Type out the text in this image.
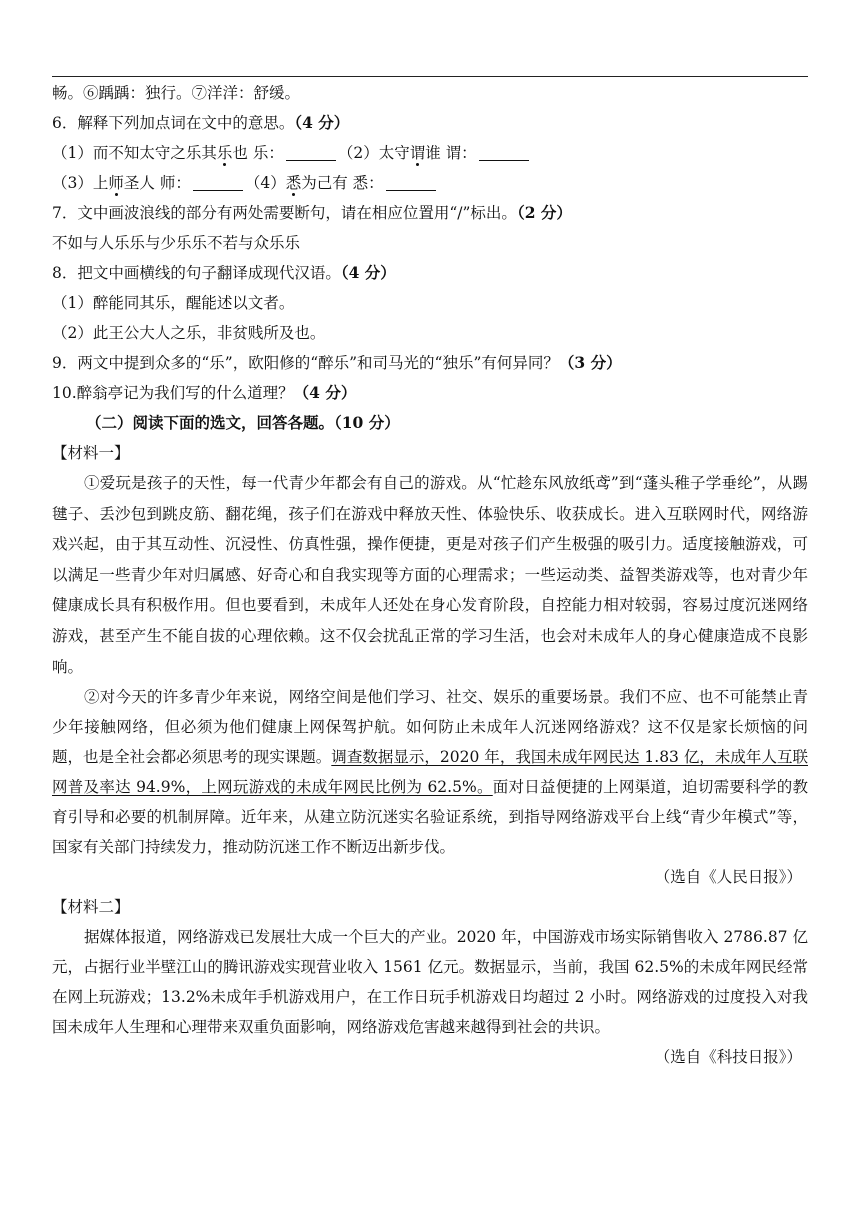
畅。⑥踽踽：独行。⑦洋洋：舒缓。
6．解释下列加点词在文中的意思。（4 分）
（1）而不知太守之乐其乐也 乐：	（2）太守谓谁 谓：
（3）上师圣人 师：	（4）悉为己有 悉：
7．文中画波浪线的部分有两处需要断句，请在相应位置用“/”标出。（2 分）
不如与人乐乐与少乐乐不若与众乐乐
8．把文中画横线的句子翻译成现代汉语。（4 分）
（1）醉能同其乐，醒能述以文者。
（2）此王公大人之乐，非贫贱所及也。
9．两文中提到众多的“乐”，欧阳修的“醉乐”和司马光的“独乐”有何异同？（3 分）
10.醉翁亭记为我们写的什么道理？（4 分）
（二）阅读下面的选文，回答各题。（10 分）
【材料一】
①爱玩是孩子的天性，每一代青少年都会有自己的游戏。从“忙趁东风放纸鸢”到“蓬头稚子学垂纶”，从踢毽子、丢沙包到跳皮筋、翻花绳，孩子们在游戏中释放天性、体验快乐、收获成长。进入互联网时代，网络游戏兴起，由于其互动性、沉浸性、仿真性强，操作便捷，更是对孩子们产生极强的吸引力。适度接触游戏，可以满足一些青少年对归属感、好奇心和自我实现等方面的心理需求；一些运动类、益智类游戏等，也对青少年健康成长具有积极作用。但也要看到，未成年人还处在身心发育阶段，自控能力相对较弱，容易过度沉迷网络游戏，甚至产生不能自拔的心理依赖。这不仅会扰乱正常的学习生活，也会对未成年人的身心健康造成不良影响。
②对今天的许多青少年来说，网络空间是他们学习、社交、娱乐的重要场景。我们不应、也不可能禁止青少年接触网络，但必须为他们健康上网保驾护航。如何防止未成年人沉迷网络游戏？这不仅是家长烦恼的问题，也是全社会都必须思考的现实课题。调查数据显示，2020 年，我国未成年网民达 1.83 亿，未成年人互联网普及率达 94.9%，上网玩游戏的未成年网民比例为 62.5%。面对日益便捷的上网渠道，迫切需要科学的教育引导和必要的机制屏障。近年来，从建立防沉迷实名验证系统，到指导网络游戏平台上线“青少年模式”等，国家有关部门持续发力，推动防沉迷工作不断迈出新步伐。
（选自《人民日报》）
【材料二】
据媒体报道，网络游戏已发展壮大成一个巨大的产业。2020 年，中国游戏市场实际销售收入 2786.87 亿元，占据行业半壁江山的腾讯游戏实现营业收入 1561 亿元。数据显示，当前，我国 62.5%的未成年网民经常在网上玩游戏；13.2%未成年手机游戏用户，在工作日玩手机游戏日均超过 2 小时。网络游戏的过度投入对我国未成年人生理和心理带来双重负面影响，网络游戏危害越来越得到社会的共识。
（选自《科技日报》）
